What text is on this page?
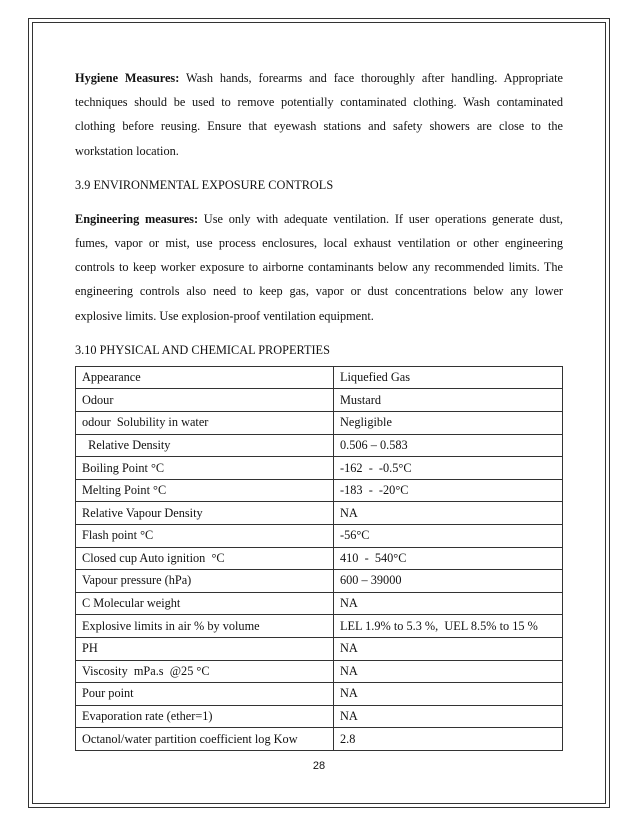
Hygiene Measures: Wash hands, forearms and face thoroughly after handling. Appropriate techniques should be used to remove potentially contaminated clothing. Wash contaminated clothing before reusing. Ensure that eyewash stations and safety showers are close to the workstation location.

3.9 ENVIRONMENTAL EXPOSURE CONTROLS

Engineering measures: Use only with adequate ventilation. If user operations generate dust, fumes, vapor or mist, use process enclosures, local exhaust ventilation or other engineering controls to keep worker exposure to airborne contaminants below any recommended limits. The engineering controls also need to keep gas, vapor or dust concentrations below any lower explosive limits. Use explosion-proof ventilation equipment.

3.10 PHYSICAL AND CHEMICAL PROPERTIES

Appearance	Liquefied Gas
Odour	Mustard
odour  Solubility in water	Negligible
Relative Density	0.506 – 0.583
Boiling Point °C	-162  -  -0.5°C
Melting Point °C	-183  -  -20°C
Relative Vapour Density	NA
Flash point °C	-56°C
Closed cup Auto ignition  °C	410  -  540°C
Vapour pressure (hPa)	600 – 39000
C Molecular weight	NA
Explosive limits in air % by volume	LEL 1.9% to 5.3 %,  UEL 8.5% to 15 %
PH	NA
Viscosity  mPa.s  @25 °C	NA
Pour point	NA
Evaporation rate (ether=1)	NA
Octanol/water partition coefficient log Kow	2.8
28
